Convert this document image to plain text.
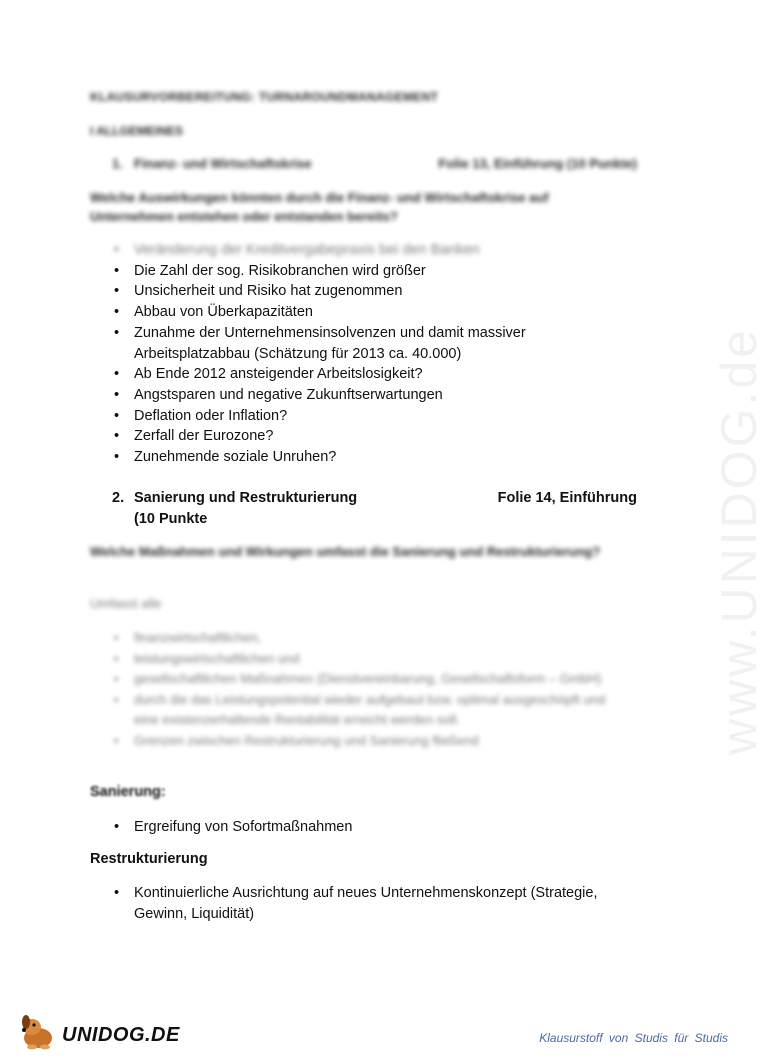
www.UNIDOG.de
KLAUSURVORBEREITUNG: TURNAROUNDMANAGEMENT
I ALLGEMEINES
1. Finanz- und Wirtschaftskrise	Folie 13, Einführung (10 Punkte)
Welche Auswirkungen könnten durch die Finanz- und Wirtschaftskrise auf Unternehmen entstehen oder entstanden bereits?
• Veränderung der Kreditvergabepraxis bei den Banken
• Die Zahl der sog. Risikobranchen wird größer
• Unsicherheit und Risiko hat zugenommen
• Abbau von Überkapazitäten
• Zunahme der Unternehmensinsolvenzen und damit massiver Arbeitsplatzabbau (Schätzung für 2013 ca. 40.000)
• Ab Ende 2012 ansteigender Arbeitslosigkeit?
• Angstsparen und negative Zukunftserwartungen
• Deflation oder Inflation?
• Zerfall der Eurozone?
• Zunehmende soziale Unruhen?
2. Sanierung und Restrukturierung	Folie 14, Einführung
(10 Punkte
Welche Maßnahmen und Wirkungen umfasst die Sanierung und Restrukturierung?
Umfasst alle
• finanzwirtschaftlichen,
• leistungswirtschaftlichen und
• gesellschaftlichen Maßnahmen (Dienstvereinbarung, Gesellschaftsform – GmbH)
• durch die das Leistungspotential wieder aufgebaut bzw. optimal ausgeschöpft und eine existenzerhaltende Rentabilität erreicht werden soll.
• Grenzen zwischen Restrukturierung und Sanierung fließend
Sanierung:
• Ergreifung von Sofortmaßnahmen
Restrukturierung
• Kontinuierliche Ausrichtung auf neues Unternehmenskonzept (Strategie, Gewinn, Liquidität)
UNIDOG.DE	Klausurstoff von Studis für Studis
